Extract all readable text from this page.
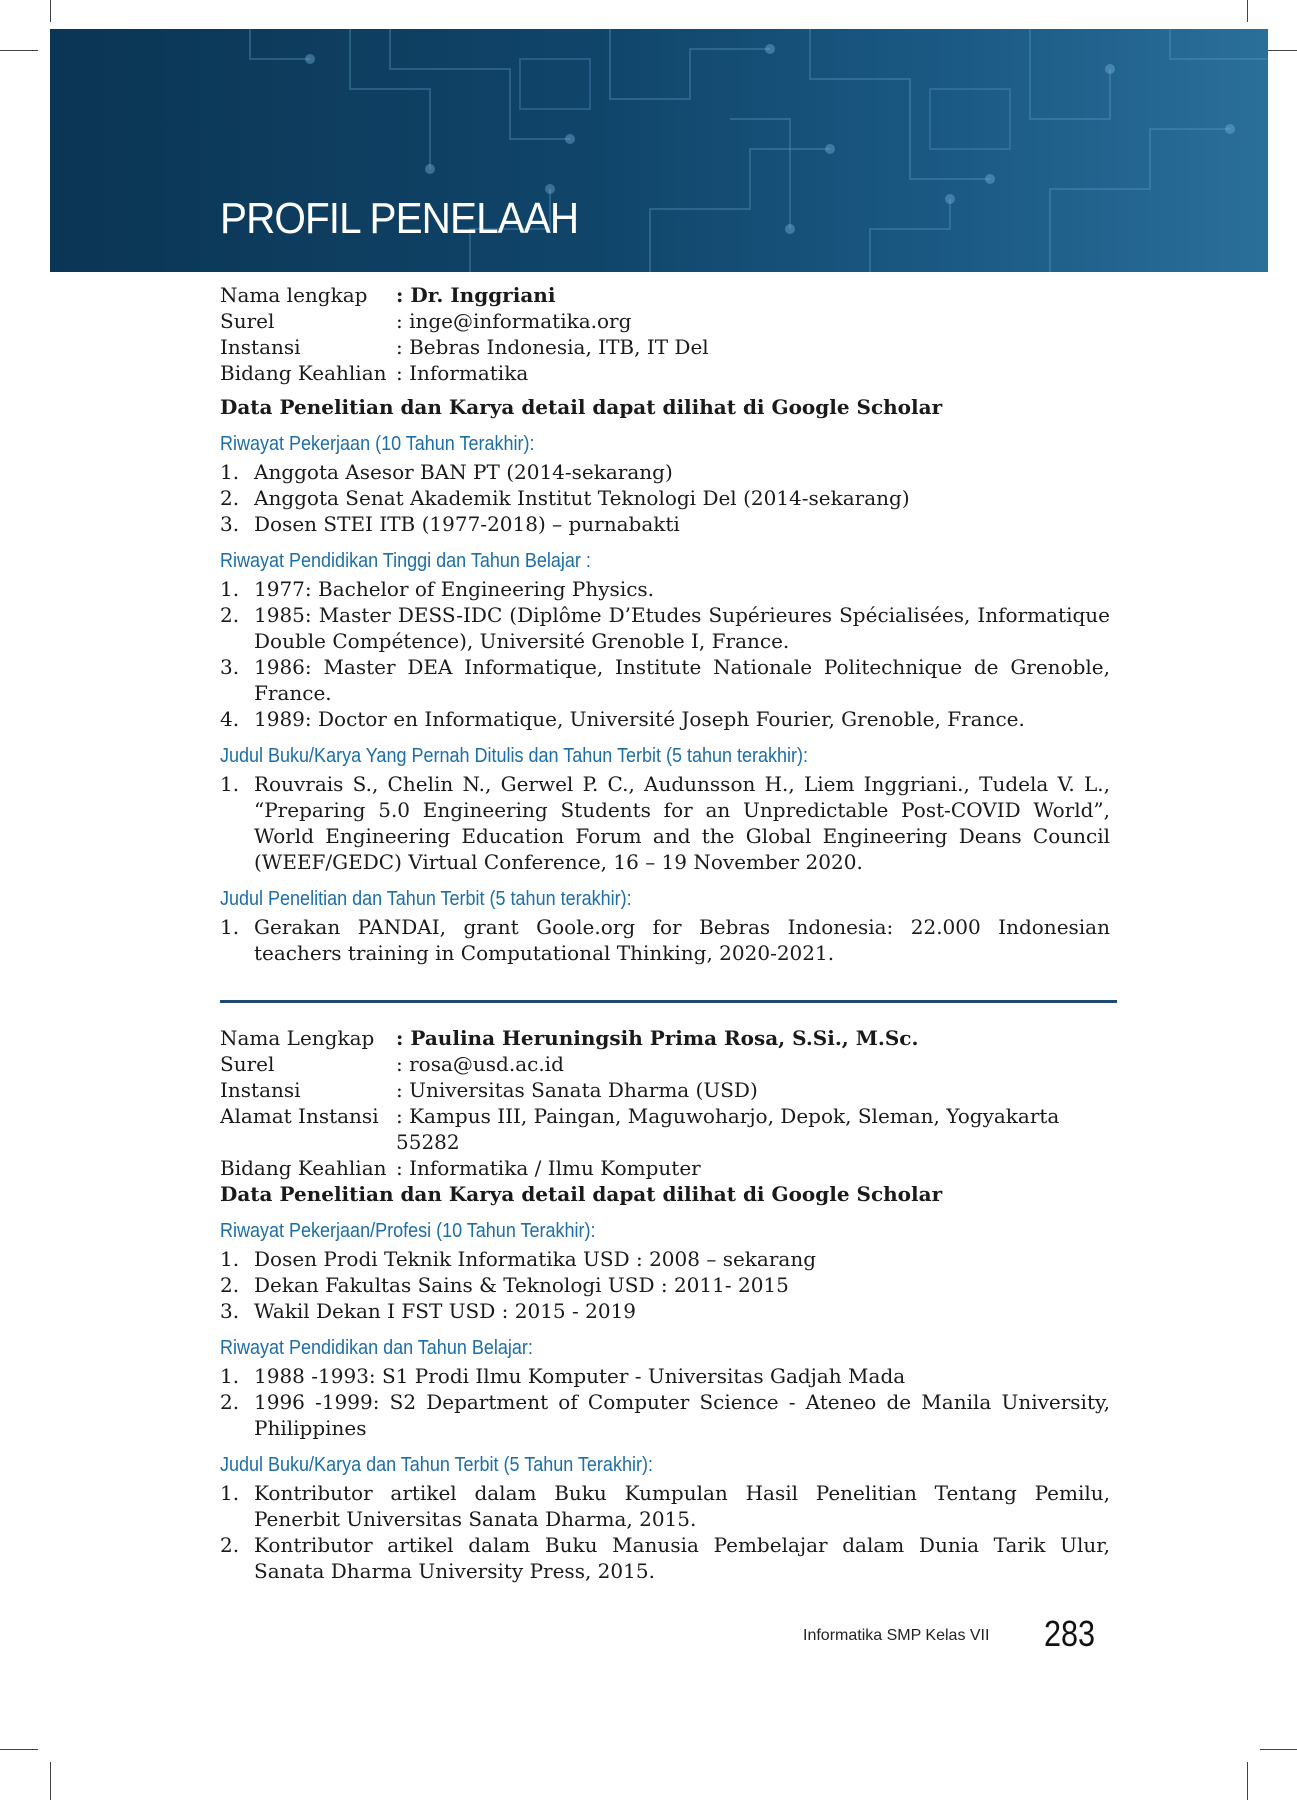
PROFIL PENELAAH
Nama lengkap	: Dr. Inggriani
Surel	: inge@informatika.org
Instansi	: Bebras Indonesia, ITB, IT Del
Bidang Keahlian : Informatika
Data Penelitian dan Karya detail dapat dilihat di Google Scholar
Riwayat Pekerjaan (10 Tahun Terakhir):
1. Anggota Asesor BAN PT (2014-sekarang)
2. Anggota Senat Akademik Institut Teknologi Del (2014-sekarang)
3. Dosen STEI ITB (1977-2018) – purnabakti
Riwayat Pendidikan Tinggi dan Tahun Belajar :
1. 1977: Bachelor of Engineering Physics.
2. 1985: Master DESS-IDC (Diplôme D’Etudes Supérieures Spécialisées, Informatique Double Compétence), Université Grenoble I, France.
3. 1986: Master DEA Informatique, Institute Nationale Politechnique de Grenoble, France.
4. 1989: Doctor en Informatique, Université Joseph Fourier, Grenoble, France.
Judul Buku/Karya Yang Pernah Ditulis dan Tahun Terbit (5 tahun terakhir):
1. Rouvrais S., Chelin N., Gerwel P. C., Audunsson H., Liem Inggriani., Tudela V. L., “Preparing 5.0 Engineering Students for an Unpredictable Post-COVID World”, World Engineering Education Forum and the Global Engineering Deans Council (WEEF/GEDC) Virtual Conference, 16 – 19 November 2020.
Judul Penelitian dan Tahun Terbit (5 tahun terakhir):
1. Gerakan PANDAI, grant Goole.org for Bebras Indonesia: 22.000 Indonesian teachers training in Computational Thinking, 2020-2021.
Nama Lengkap	: Paulina Heruningsih Prima Rosa, S.Si., M.Sc.
Surel	: rosa@usd.ac.id
Instansi	: Universitas Sanata Dharma (USD)
Alamat Instansi : Kampus III, Paingan, Maguwoharjo, Depok, Sleman, Yogyakarta 55282
Bidang Keahlian : Informatika / Ilmu Komputer
Data Penelitian dan Karya detail dapat dilihat di Google Scholar
Riwayat Pekerjaan/Profesi (10 Tahun Terakhir):
1. Dosen Prodi Teknik Informatika USD : 2008 – sekarang
2. Dekan Fakultas Sains & Teknologi USD : 2011- 2015
3. Wakil Dekan I FST USD : 2015 - 2019
Riwayat Pendidikan dan Tahun Belajar:
1. 1988 -1993: S1 Prodi Ilmu Komputer - Universitas Gadjah Mada
2. 1996 -1999: S2 Department of Computer Science - Ateneo de Manila University, Philippines
Judul Buku/Karya dan Tahun Terbit (5 Tahun Terakhir):
1. Kontributor artikel dalam Buku Kumpulan Hasil Penelitian Tentang Pemilu, Penerbit Universitas Sanata Dharma, 2015.
2. Kontributor artikel dalam Buku Manusia Pembelajar dalam Dunia Tarik Ulur, Sanata Dharma University Press, 2015.
Informatika SMP Kelas VII 283
